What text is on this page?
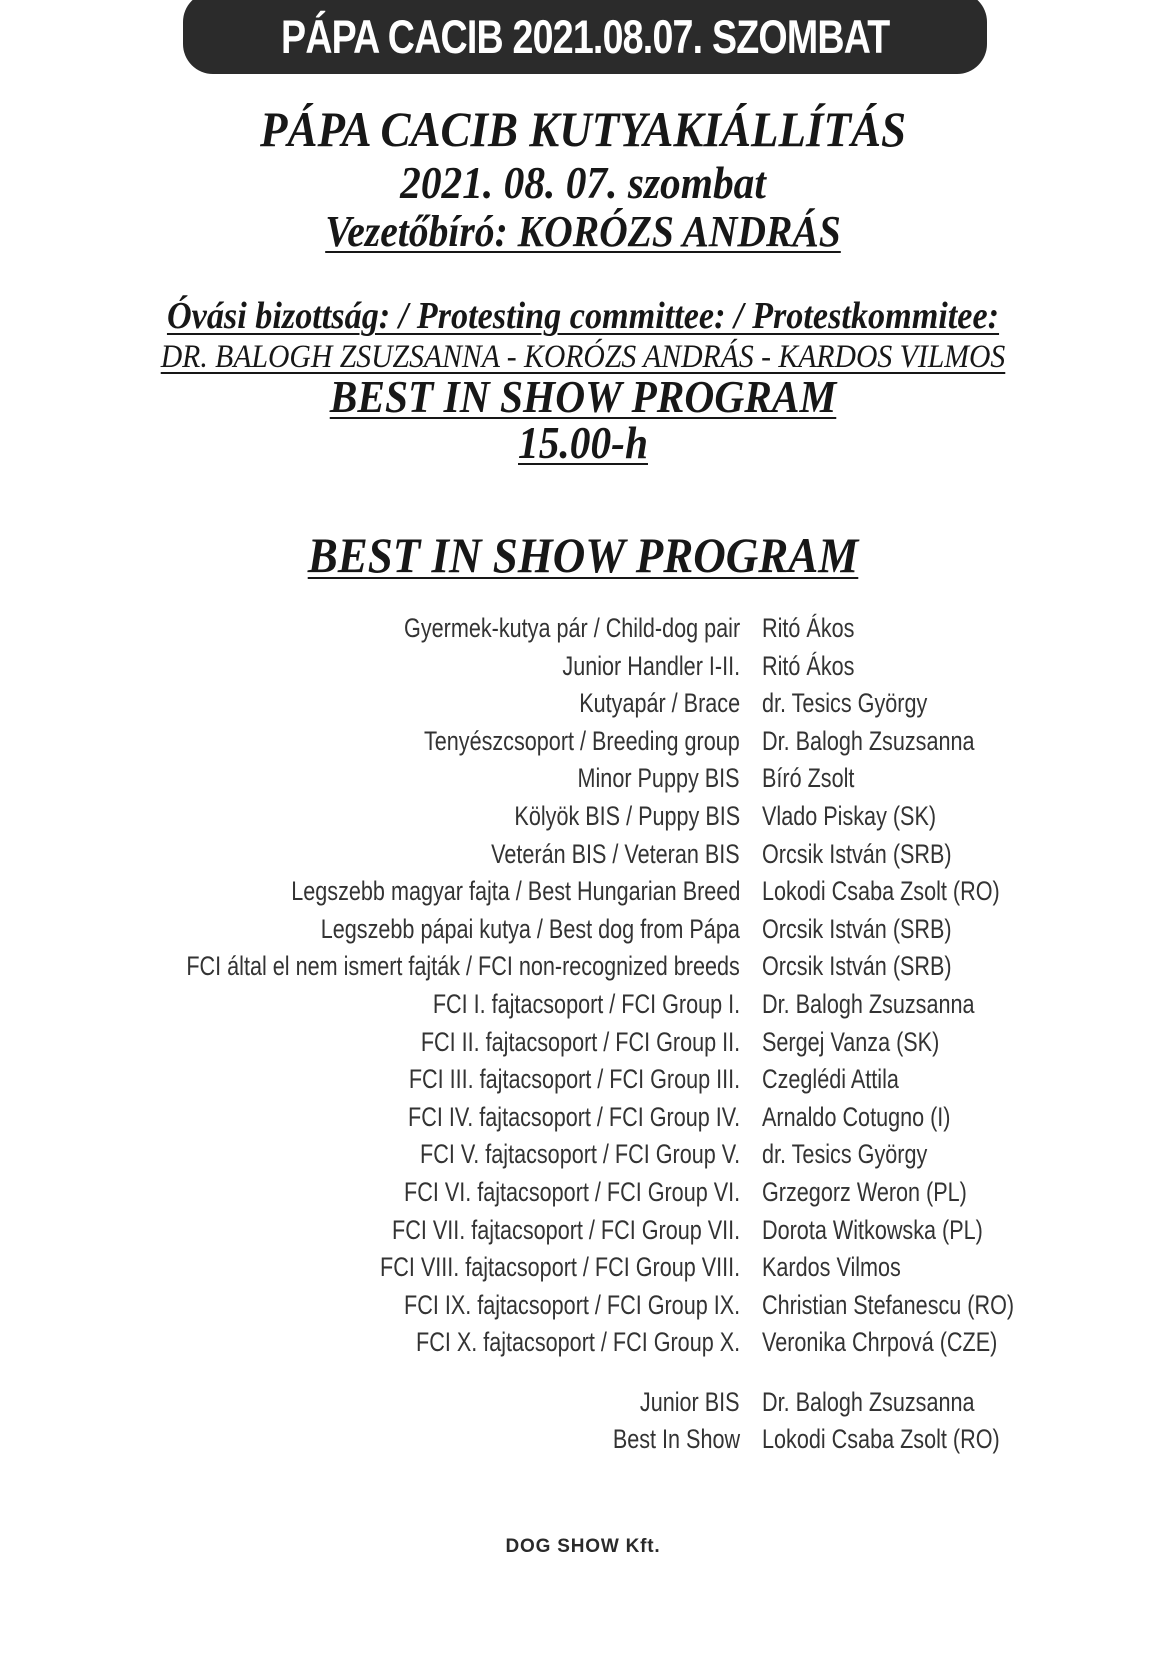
PÁPA CACIB 2021.08.07. SZOMBAT
PÁPA CACIB KUTYAKIÁLLÍTÁS
2021. 08. 07. szombat
Vezetőbíró: KORÓZS ANDRÁS
Óvási bizottság: / Protesting committee: / Protestkommitee:
DR. BALOGH ZSUZSANNA - KORÓZS ANDRÁS - KARDOS VILMOS
BEST IN SHOW PROGRAM
15.00-h
BEST IN SHOW PROGRAM
Gyermek-kutya pár / Child-dog pair Ritó Ákos
Junior Handler I-II. Ritó Ákos
Kutyapár / Brace dr. Tesics György
Tenyészcsoport / Breeding group Dr. Balogh Zsuzsanna
Minor Puppy BIS Bíró Zsolt
Kölyök BIS / Puppy BIS Vlado Piskay (SK)
Veterán BIS / Veteran BIS Orcsik István (SRB)
Legszebb magyar fajta / Best Hungarian Breed Lokodi Csaba Zsolt (RO)
Legszebb pápai kutya / Best dog from Pápa Orcsik István (SRB)
FCI által el nem ismert fajták / FCI non-recognized breeds Orcsik István (SRB)
FCI I. fajtacsoport / FCI Group I. Dr. Balogh Zsuzsanna
FCI II. fajtacsoport / FCI Group II. Sergej Vanza (SK)
FCI III. fajtacsoport / FCI Group III. Czeglédi Attila
FCI IV. fajtacsoport / FCI Group IV. Arnaldo Cotugno (I)
FCI V. fajtacsoport / FCI Group V. dr. Tesics György
FCI VI. fajtacsoport / FCI Group VI. Grzegorz Weron (PL)
FCI VII. fajtacsoport / FCI Group VII. Dorota Witkowska (PL)
FCI VIII. fajtacsoport / FCI Group VIII. Kardos Vilmos
FCI IX. fajtacsoport / FCI Group IX. Christian Stefanescu (RO)
FCI X. fajtacsoport / FCI Group X. Veronika Chrpová (CZE)
Junior BIS Dr. Balogh Zsuzsanna
Best In Show Lokodi Csaba Zsolt (RO)
DOG SHOW Kft.
